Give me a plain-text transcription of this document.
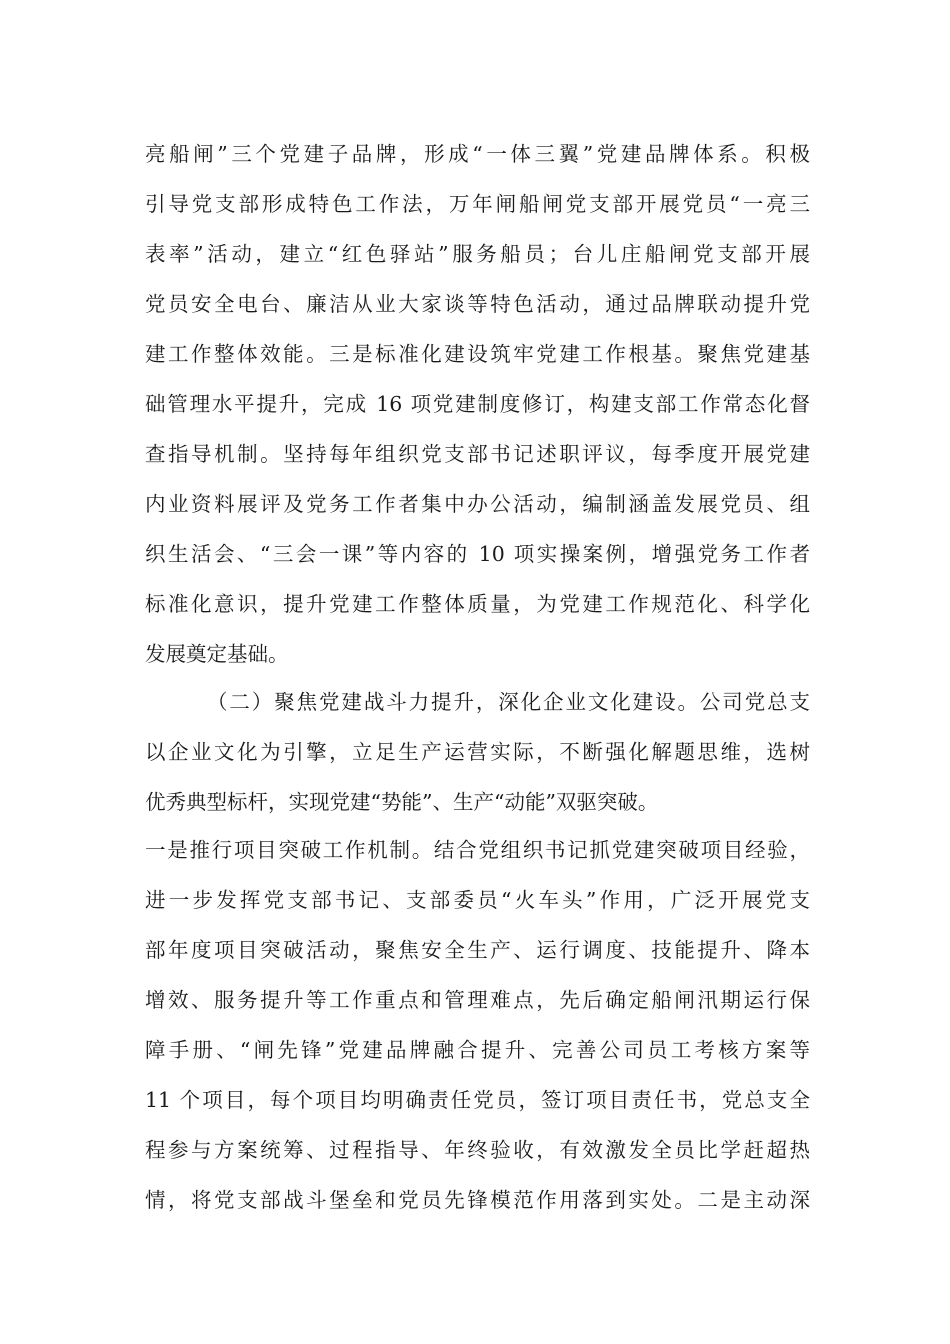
亮船闸”三个党建子品牌，形成“一体三翼”党建品牌体系。积极
引导党支部形成特色工作法，万年闸船闸党支部开展党员“一亮三
表率”活动，建立“红色驿站”服务船员；台儿庄船闸党支部开展
党员安全电台、廉洁从业大家谈等特色活动，通过品牌联动提升党
建工作整体效能。三是标准化建设筑牢党建工作根基。聚焦党建基
础管理水平提升，完成 16 项党建制度修订，构建支部工作常态化督
查指导机制。坚持每年组织党支部书记述职评议，每季度开展党建
内业资料展评及党务工作者集中办公活动，编制涵盖发展党员、组
织生活会、“三会一课”等内容的 10 项实操案例，增强党务工作者
标准化意识，提升党建工作整体质量，为党建工作规范化、科学化
发展奠定基础。
（二）聚焦党建战斗力提升，深化企业文化建设。公司党总支
以企业文化为引擎，立足生产运营实际，不断强化解题思维，选树
优秀典型标杆，实现党建“势能”、生产“动能”双驱突破。
一是推行项目突破工作机制。结合党组织书记抓党建突破项目经验，
进一步发挥党支部书记、支部委员“火车头”作用，广泛开展党支
部年度项目突破活动，聚焦安全生产、运行调度、技能提升、降本
增效、服务提升等工作重点和管理难点，先后确定船闸汛期运行保
障手册、“闸先锋”党建品牌融合提升、完善公司员工考核方案等
11 个项目，每个项目均明确责任党员，签订项目责任书，党总支全
程参与方案统筹、过程指导、年终验收，有效激发全员比学赶超热
情，将党支部战斗堡垒和党员先锋模范作用落到实处。二是主动深
